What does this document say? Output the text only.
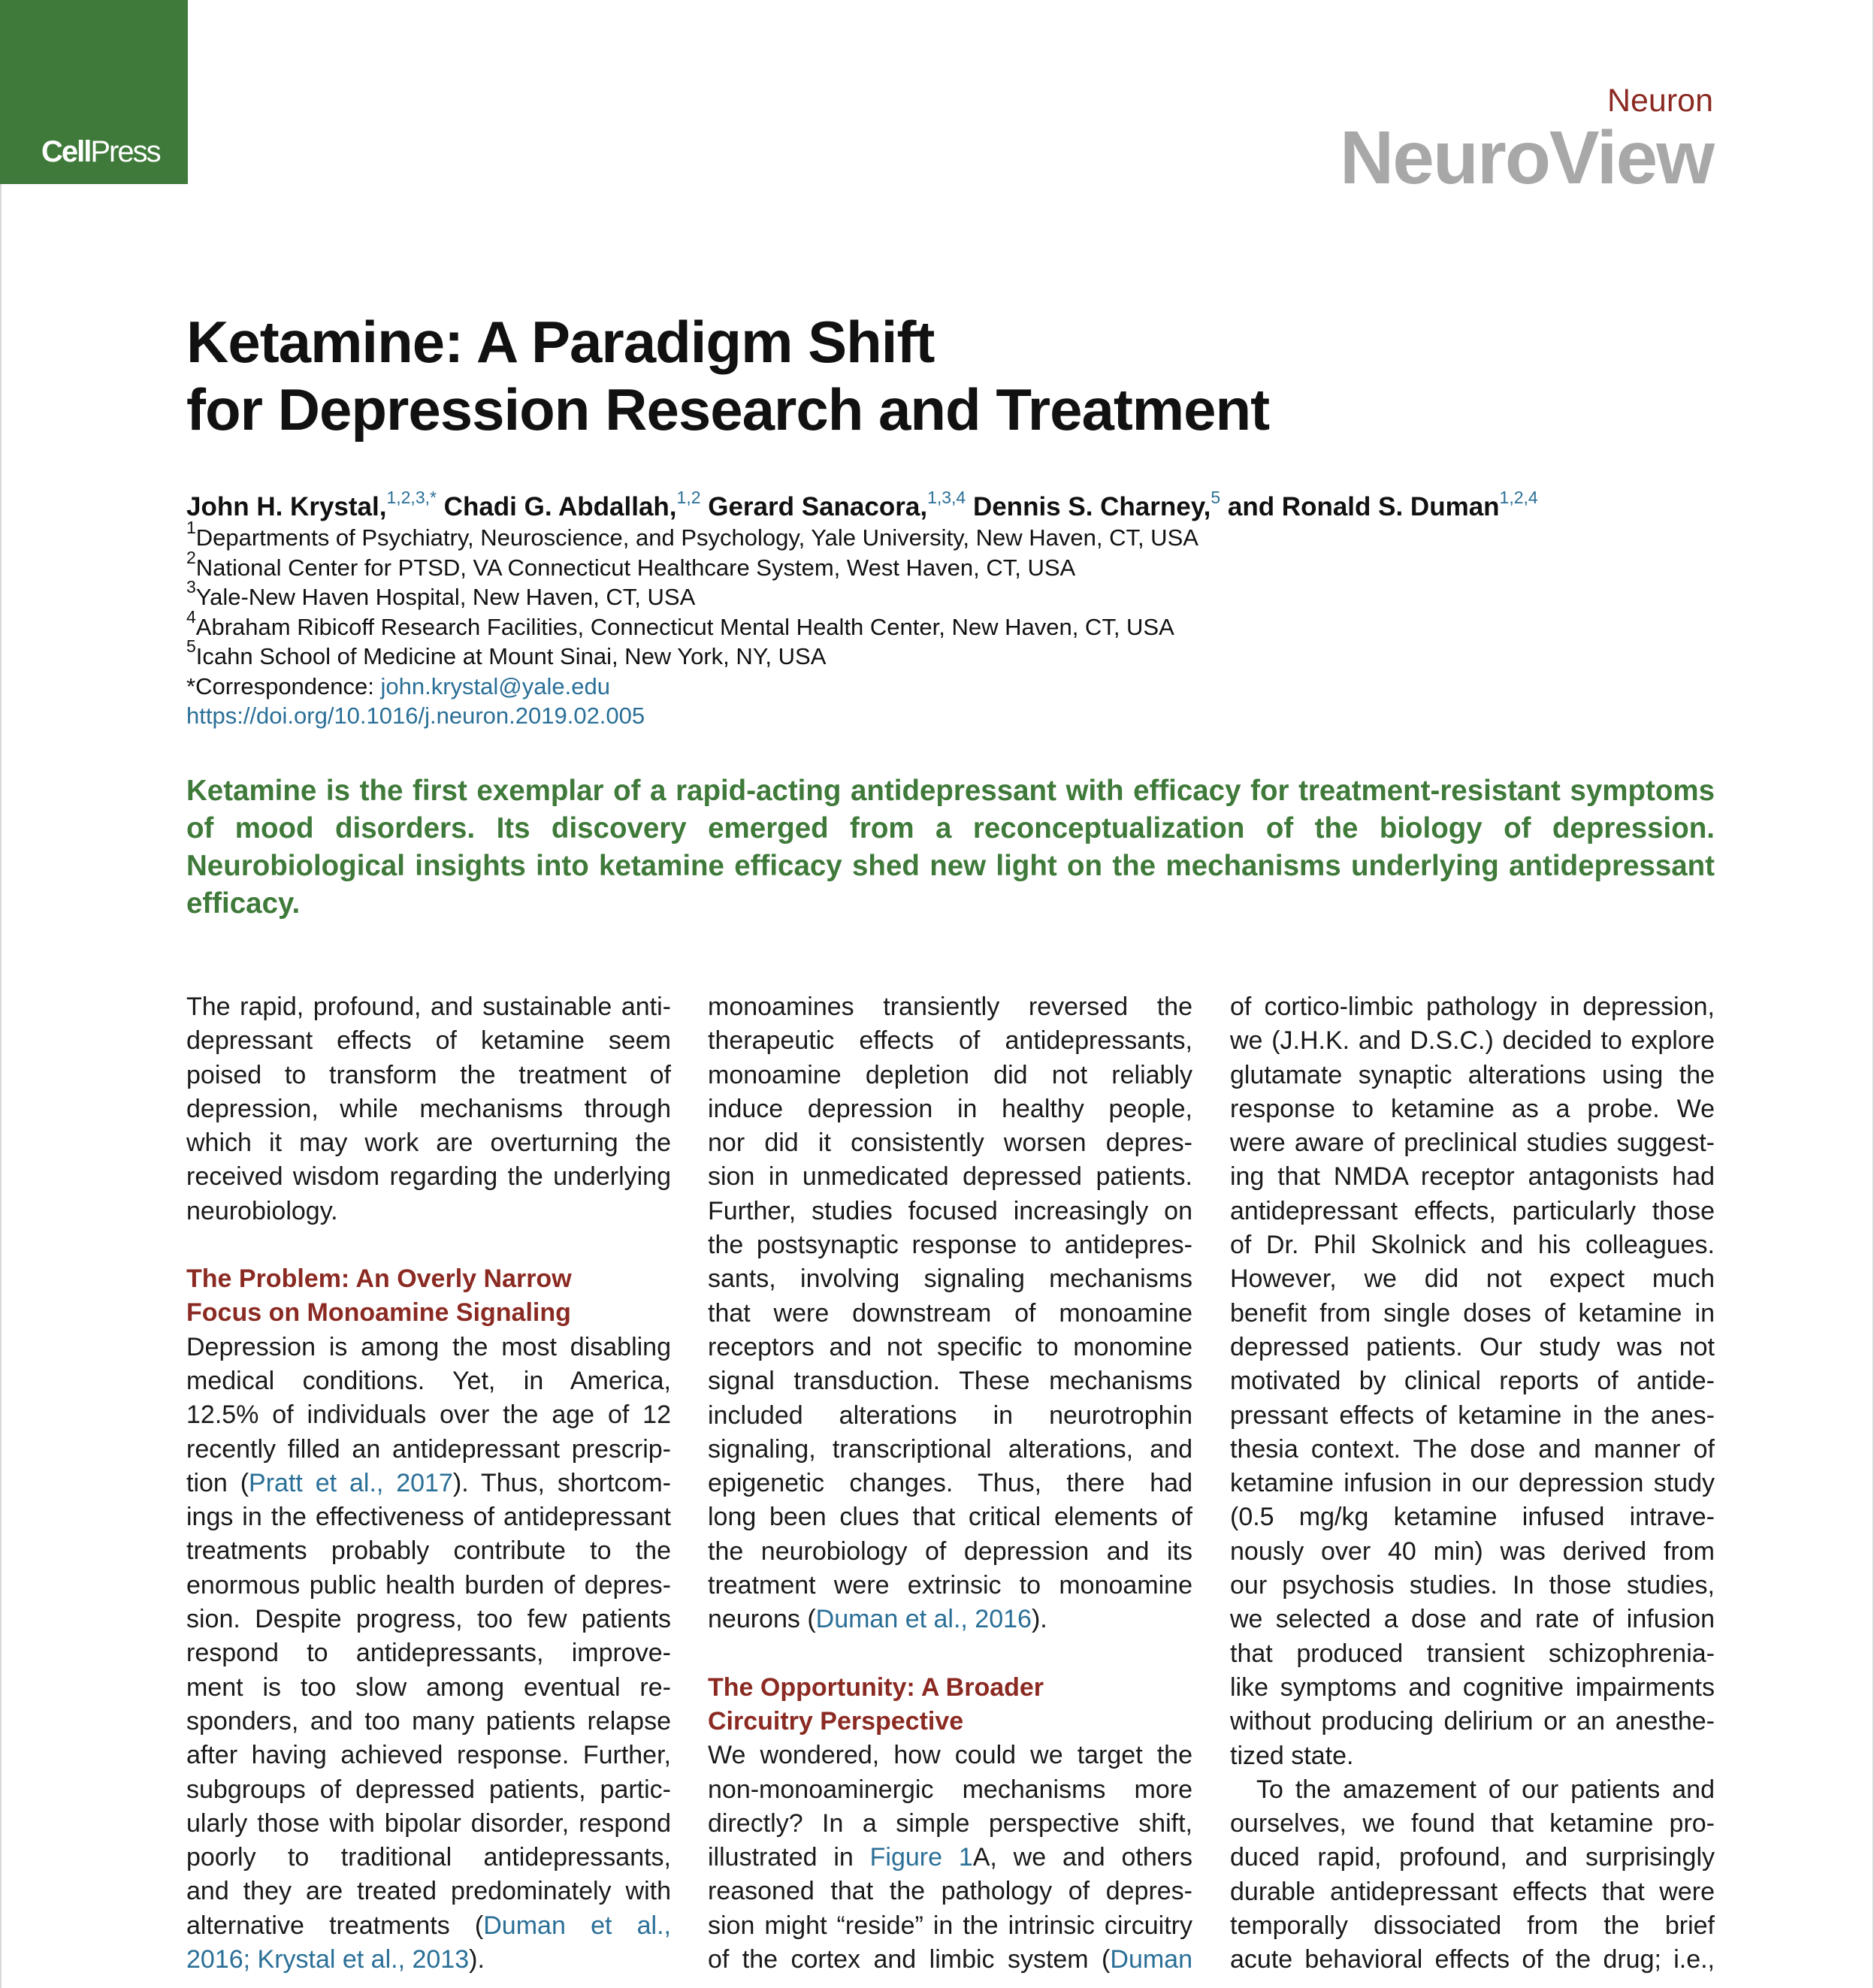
CellPress
Neuron
NeuroView
Ketamine: A Paradigm Shift
for Depression Research and Treatment
John H. Krystal,$^{1,2,3,*}$ Chadi G. Abdallah,$^{1,2}$ Gerard Sanacora,$^{1,3,4}$ Dennis S. Charney,$^5$ and Ronald S. Duman$^{1,2,4}$
$^1$Departments of Psychiatry, Neuroscience, and Psychology, Yale University, New Haven, CT, USA
$^2$National Center for PTSD, VA Connecticut Healthcare System, West Haven, CT, USA
$^3$Yale-New Haven Hospital, New Haven, CT, USA
$^4$Abraham Ribicoff Research Facilities, Connecticut Mental Health Center, New Haven, CT, USA
$^5$Icahn School of Medicine at Mount Sinai, New York, NY, USA
*Correspondence: john.krystal@yale.edu
https://doi.org/10.1016/j.neuron.2019.02.005

Ketamine is the first exemplar of a rapid-acting antidepressant with efficacy for treatment-resistant symptoms of mood disorders. Its discovery emerged from a reconceptualization of the biology of depression. Neurobiological insights into ketamine efficacy shed new light on the mechanisms underlying antidepressant efficacy.

The rapid, profound, and sustainable anti-
depressant effects of ketamine seem
poised to transform the treatment of
depression, while mechanisms through
which it may work are overturning the
received wisdom regarding the underlying
neurobiology.
The Problem: An Overly Narrow
Focus on Monoamine Signaling
Depression is among the most disabling
medical conditions. Yet, in America,
12.5% of individuals over the age of 12
recently filled an antidepressant prescrip-
tion (Pratt et al., 2017). Thus, shortcom-
ings in the effectiveness of antidepressant
treatments probably contribute to the
enormous public health burden of depres-
sion. Despite progress, too few patients
respond to antidepressants, improve-
ment is too slow among eventual re-
sponders, and too many patients relapse
after having achieved response. Further,
subgroups of depressed patients, partic-
ularly those with bipolar disorder, respond
poorly to traditional antidepressants,
and they are treated predominately with
alternative treatments (Duman et al.,
2016; Krystal et al., 2013).
monoamines transiently reversed the
therapeutic effects of antidepressants,
monoamine depletion did not reliably
induce depression in healthy people,
nor did it consistently worsen depres-
sion in unmedicated depressed patients.
Further, studies focused increasingly on
the postsynaptic response to antidepres-
sants, involving signaling mechanisms
that were downstream of monoamine
receptors and not specific to monomine
signal transduction. These mechanisms
included alterations in neurotrophin
signaling, transcriptional alterations, and
epigenetic changes. Thus, there had
long been clues that critical elements of
the neurobiology of depression and its
treatment were extrinsic to monoamine
neurons (Duman et al., 2016).
The Opportunity: A Broader
Circuitry Perspective
We wondered, how could we target the
non-monoaminergic mechanisms more
directly? In a simple perspective shift,
illustrated in Figure 1A, we and others
reasoned that the pathology of depres-
sion might “reside” in the intrinsic circuitry
of the cortex and limbic system (Duman
of cortico-limbic pathology in depression,
we (J.H.K. and D.S.C.) decided to explore
glutamate synaptic alterations using the
response to ketamine as a probe. We
were aware of preclinical studies suggest-
ing that NMDA receptor antagonists had
antidepressant effects, particularly those
of Dr. Phil Skolnick and his colleagues.
However, we did not expect much
benefit from single doses of ketamine in
depressed patients. Our study was not
motivated by clinical reports of antide-
pressant effects of ketamine in the anes-
thesia context. The dose and manner of
ketamine infusion in our depression study
(0.5 mg/kg ketamine infused intrave-
nously over 40 min) was derived from
our psychosis studies. In those studies,
we selected a dose and rate of infusion
that produced transient schizophrenia-
like symptoms and cognitive impairments
without producing delirium or an anesthe-
tized state.
To the amazement of our patients and
ourselves, we found that ketamine pro-
duced rapid, profound, and surprisingly
durable antidepressant effects that were
temporally dissociated from the brief
acute behavioral effects of the drug; i.e.,
